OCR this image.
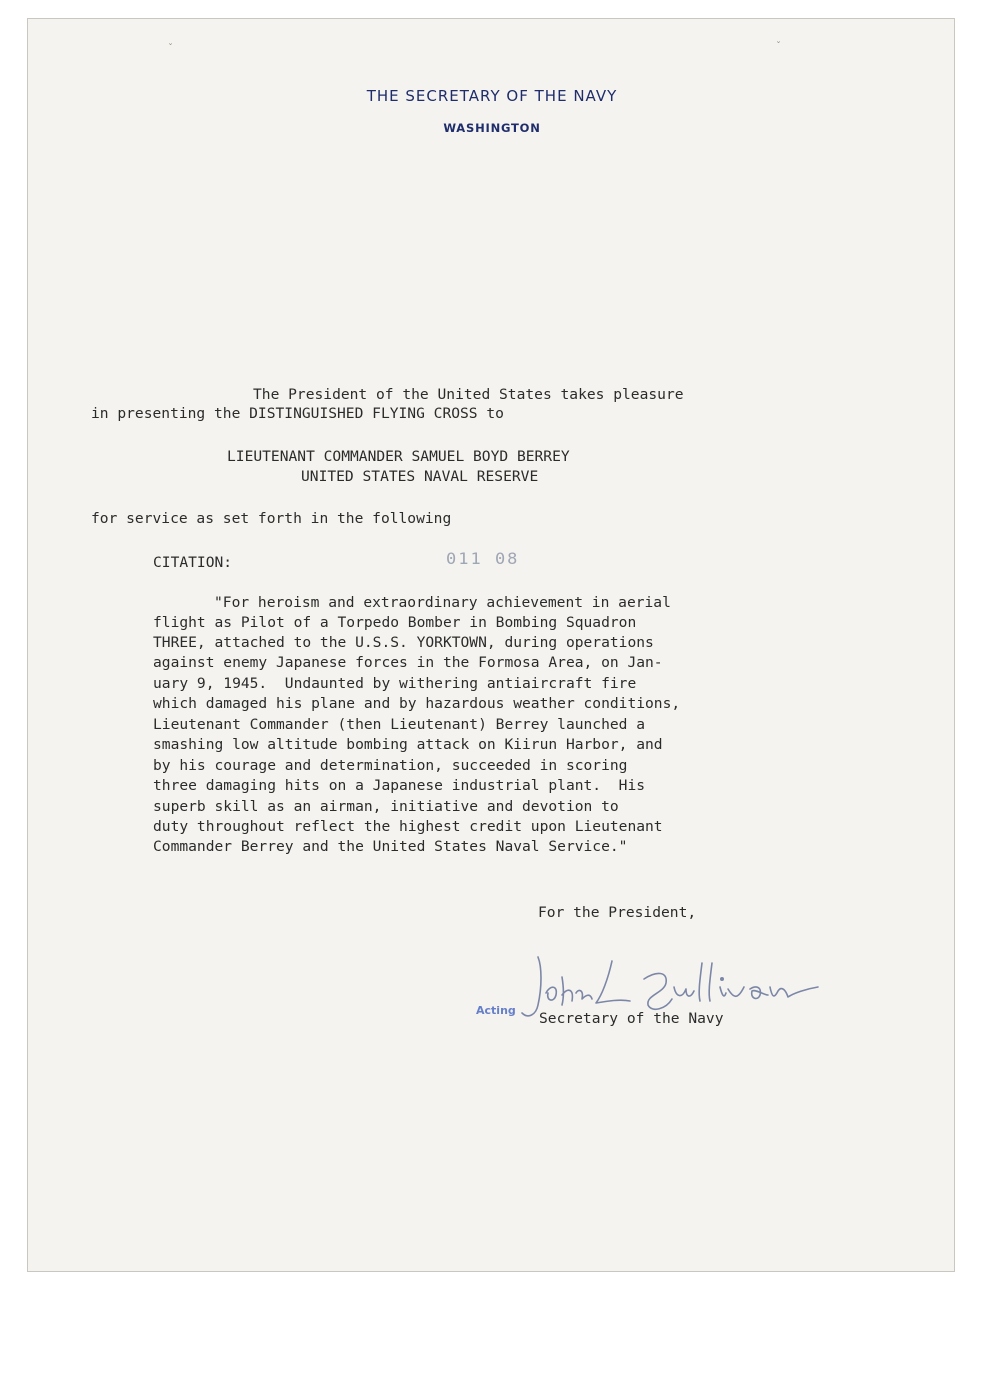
ˇ	ˇ
THE SECRETARY OF THE NAVY
WASHINGTON
The President of the United States takes pleasure
in presenting the DISTINGUISHED FLYING CROSS to
LIEUTENANT COMMANDER SAMUEL BOYD BERREY
UNITED STATES NAVAL RESERVE
for service as set forth in the following
CITATION:	011 08
"For heroism and extraordinary achievement in aerial
flight as Pilot of a Torpedo Bomber in Bombing Squadron
THREE, attached to the U.S.S. YORKTOWN, during operations
against enemy Japanese forces in the Formosa Area, on Jan-
uary 9, 1945.  Undaunted by withering antiaircraft fire
which damaged his plane and by hazardous weather conditions,
Lieutenant Commander (then Lieutenant) Berrey launched a
smashing low altitude bombing attack on Kiirun Harbor, and
by his courage and determination, succeeded in scoring
three damaging hits on a Japanese industrial plant.  His
superb skill as an airman, initiative and devotion to
duty throughout reflect the highest credit upon Lieutenant
Commander Berrey and the United States Naval Service."
For the President,
Acting Secretary of the Navy
